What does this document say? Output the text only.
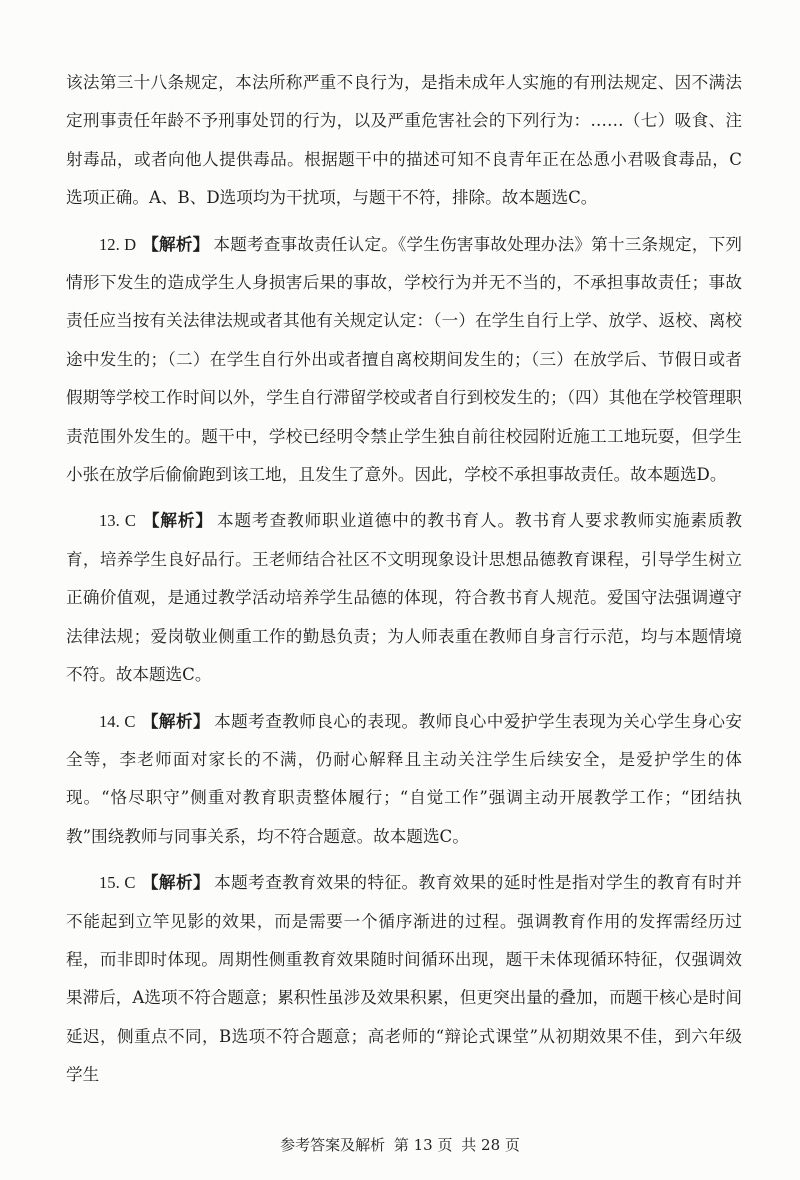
该法第三十八条规定，本法所称严重不良行为，是指未成年人实施的有刑法规定、因不满法定刑事责任年龄不予刑事处罚的行为，以及严重危害社会的下列行为：……（七）吸食、注射毒品，或者向他人提供毒品。根据题干中的描述可知不良青年正在怂恿小君吸食毒品，C选项正确。A、B、D选项均为干扰项，与题干不符，排除。故本题选C。

12. D 【解析】 本题考查事故责任认定。《学生伤害事故处理办法》第十三条规定，下列情形下发生的造成学生人身损害后果的事故，学校行为并无不当的，不承担事故责任；事故责任应当按有关法律法规或者其他有关规定认定：（一）在学生自行上学、放学、返校、离校途中发生的；（二）在学生自行外出或者擅自离校期间发生的；（三）在放学后、节假日或者假期等学校工作时间以外，学生自行滞留学校或者自行到校发生的；（四）其他在学校管理职责范围外发生的。题干中，学校已经明令禁止学生独自前往校园附近施工工地玩耍，但学生小张在放学后偷偷跑到该工地，且发生了意外。因此，学校不承担事故责任。故本题选D。

13. C 【解析】 本题考查教师职业道德中的教书育人。教书育人要求教师实施素质教育，培养学生良好品行。王老师结合社区不文明现象设计思想品德教育课程，引导学生树立正确价值观，是通过教学活动培养学生品德的体现，符合教书育人规范。爱国守法强调遵守法律法规；爱岗敬业侧重工作的勤恳负责；为人师表重在教师自身言行示范，均与本题情境不符。故本题选C。

14. C 【解析】 本题考查教师良心的表现。教师良心中爱护学生表现为关心学生身心安全等，李老师面对家长的不满，仍耐心解释且主动关注学生后续安全，是爱护学生的体现。“恪尽职守”侧重对教育职责整体履行；“自觉工作”强调主动开展教学工作；“团结执教”围绕教师与同事关系，均不符合题意。故本题选C。

15. C 【解析】 本题考查教育效果的特征。教育效果的延时性是指对学生的教育有时并不能起到立竿见影的效果，而是需要一个循序渐进的过程。强调教育作用的发挥需经历过程，而非即时体现。周期性侧重教育效果随时间循环出现，题干未体现循环特征，仅强调效果滞后，A选项不符合题意；累积性虽涉及效果积累，但更突出量的叠加，而题干核心是时间延迟，侧重点不同，B选项不符合题意；高老师的“辩论式课堂”从初期效果不佳，到六年级学生

参考答案及解析 第 13 页 共 28 页
